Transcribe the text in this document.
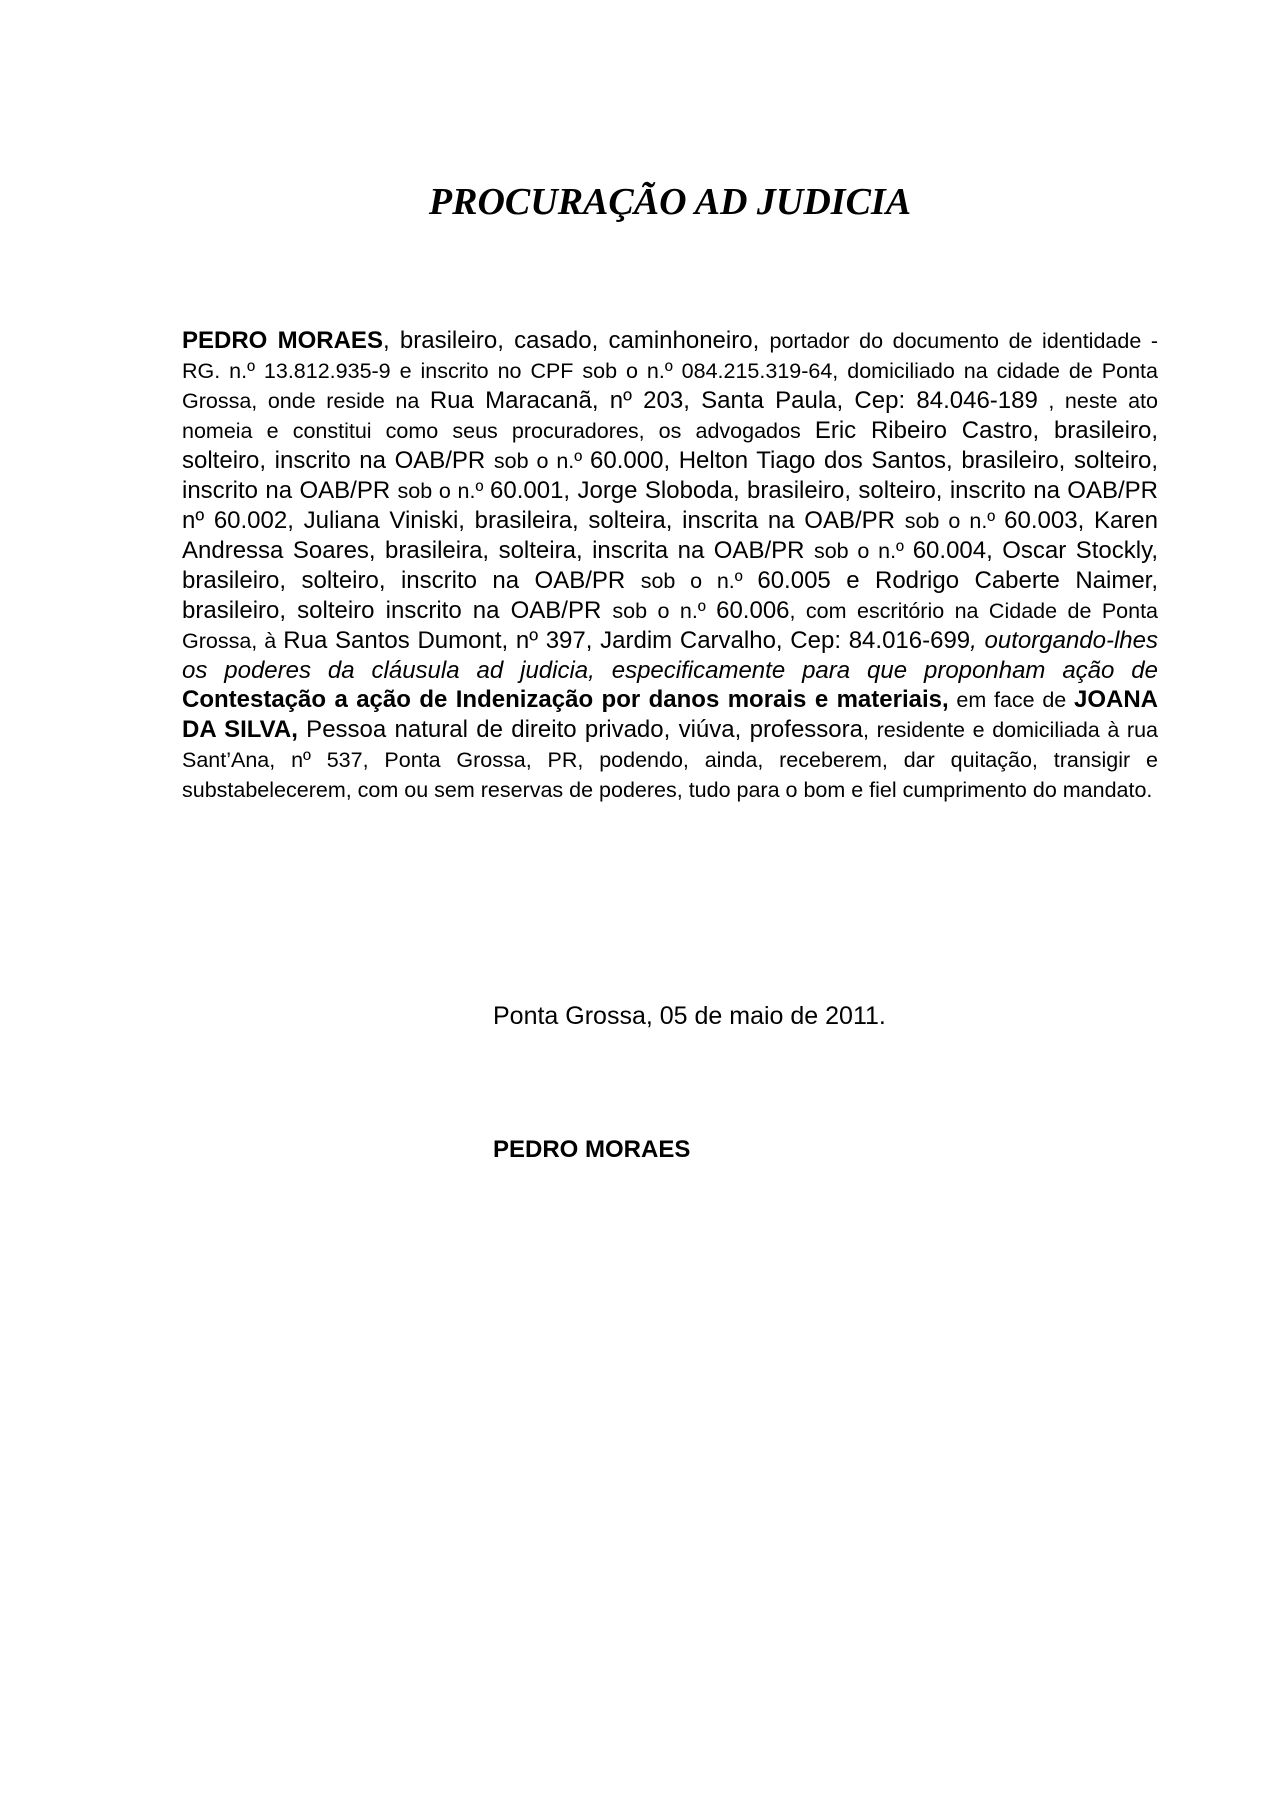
PROCURAÇÃO AD JUDICIA
PEDRO MORAES, brasileiro, casado, caminhoneiro, portador do documento de identidade - RG. n.º 13.812.935-9 e inscrito no CPF sob o n.º 084.215.319-64, domiciliado na cidade de Ponta Grossa, onde reside na Rua Maracanã, nº 203, Santa Paula, Cep: 84.046-189 , neste ato nomeia e constitui como seus procuradores, os advogados Eric Ribeiro Castro, brasileiro, solteiro, inscrito na OAB/PR sob o n.º 60.000, Helton Tiago dos Santos, brasileiro, solteiro, inscrito na OAB/PR sob o n.º 60.001, Jorge Sloboda, brasileiro, solteiro, inscrito na OAB/PR nº 60.002, Juliana Viniski, brasileira, solteira, inscrita na OAB/PR sob o n.º 60.003, Karen Andressa Soares, brasileira, solteira, inscrita na OAB/PR sob o n.º 60.004, Oscar Stockly, brasileiro, solteiro, inscrito na OAB/PR sob o n.º 60.005 e Rodrigo Caberte Naimer, brasileiro, solteiro inscrito na OAB/PR sob o n.º 60.006, com escritório na Cidade de Ponta Grossa, à Rua Santos Dumont, nº 397, Jardim Carvalho, Cep: 84.016-699, outorgando-lhes os poderes da cláusula ad judicia, especificamente para que proponham ação de Contestação a ação de Indenização por danos morais e materiais, em face de JOANA DA SILVA, Pessoa natural de direito privado, viúva, professora, residente e domiciliada à rua Sant’Ana, nº 537, Ponta Grossa, PR, podendo, ainda, receberem, dar quitação, transigir e substabelecerem, com ou sem reservas de poderes, tudo para o bom e fiel cumprimento do mandato.
Ponta Grossa, 05 de maio de 2011.
PEDRO MORAES
